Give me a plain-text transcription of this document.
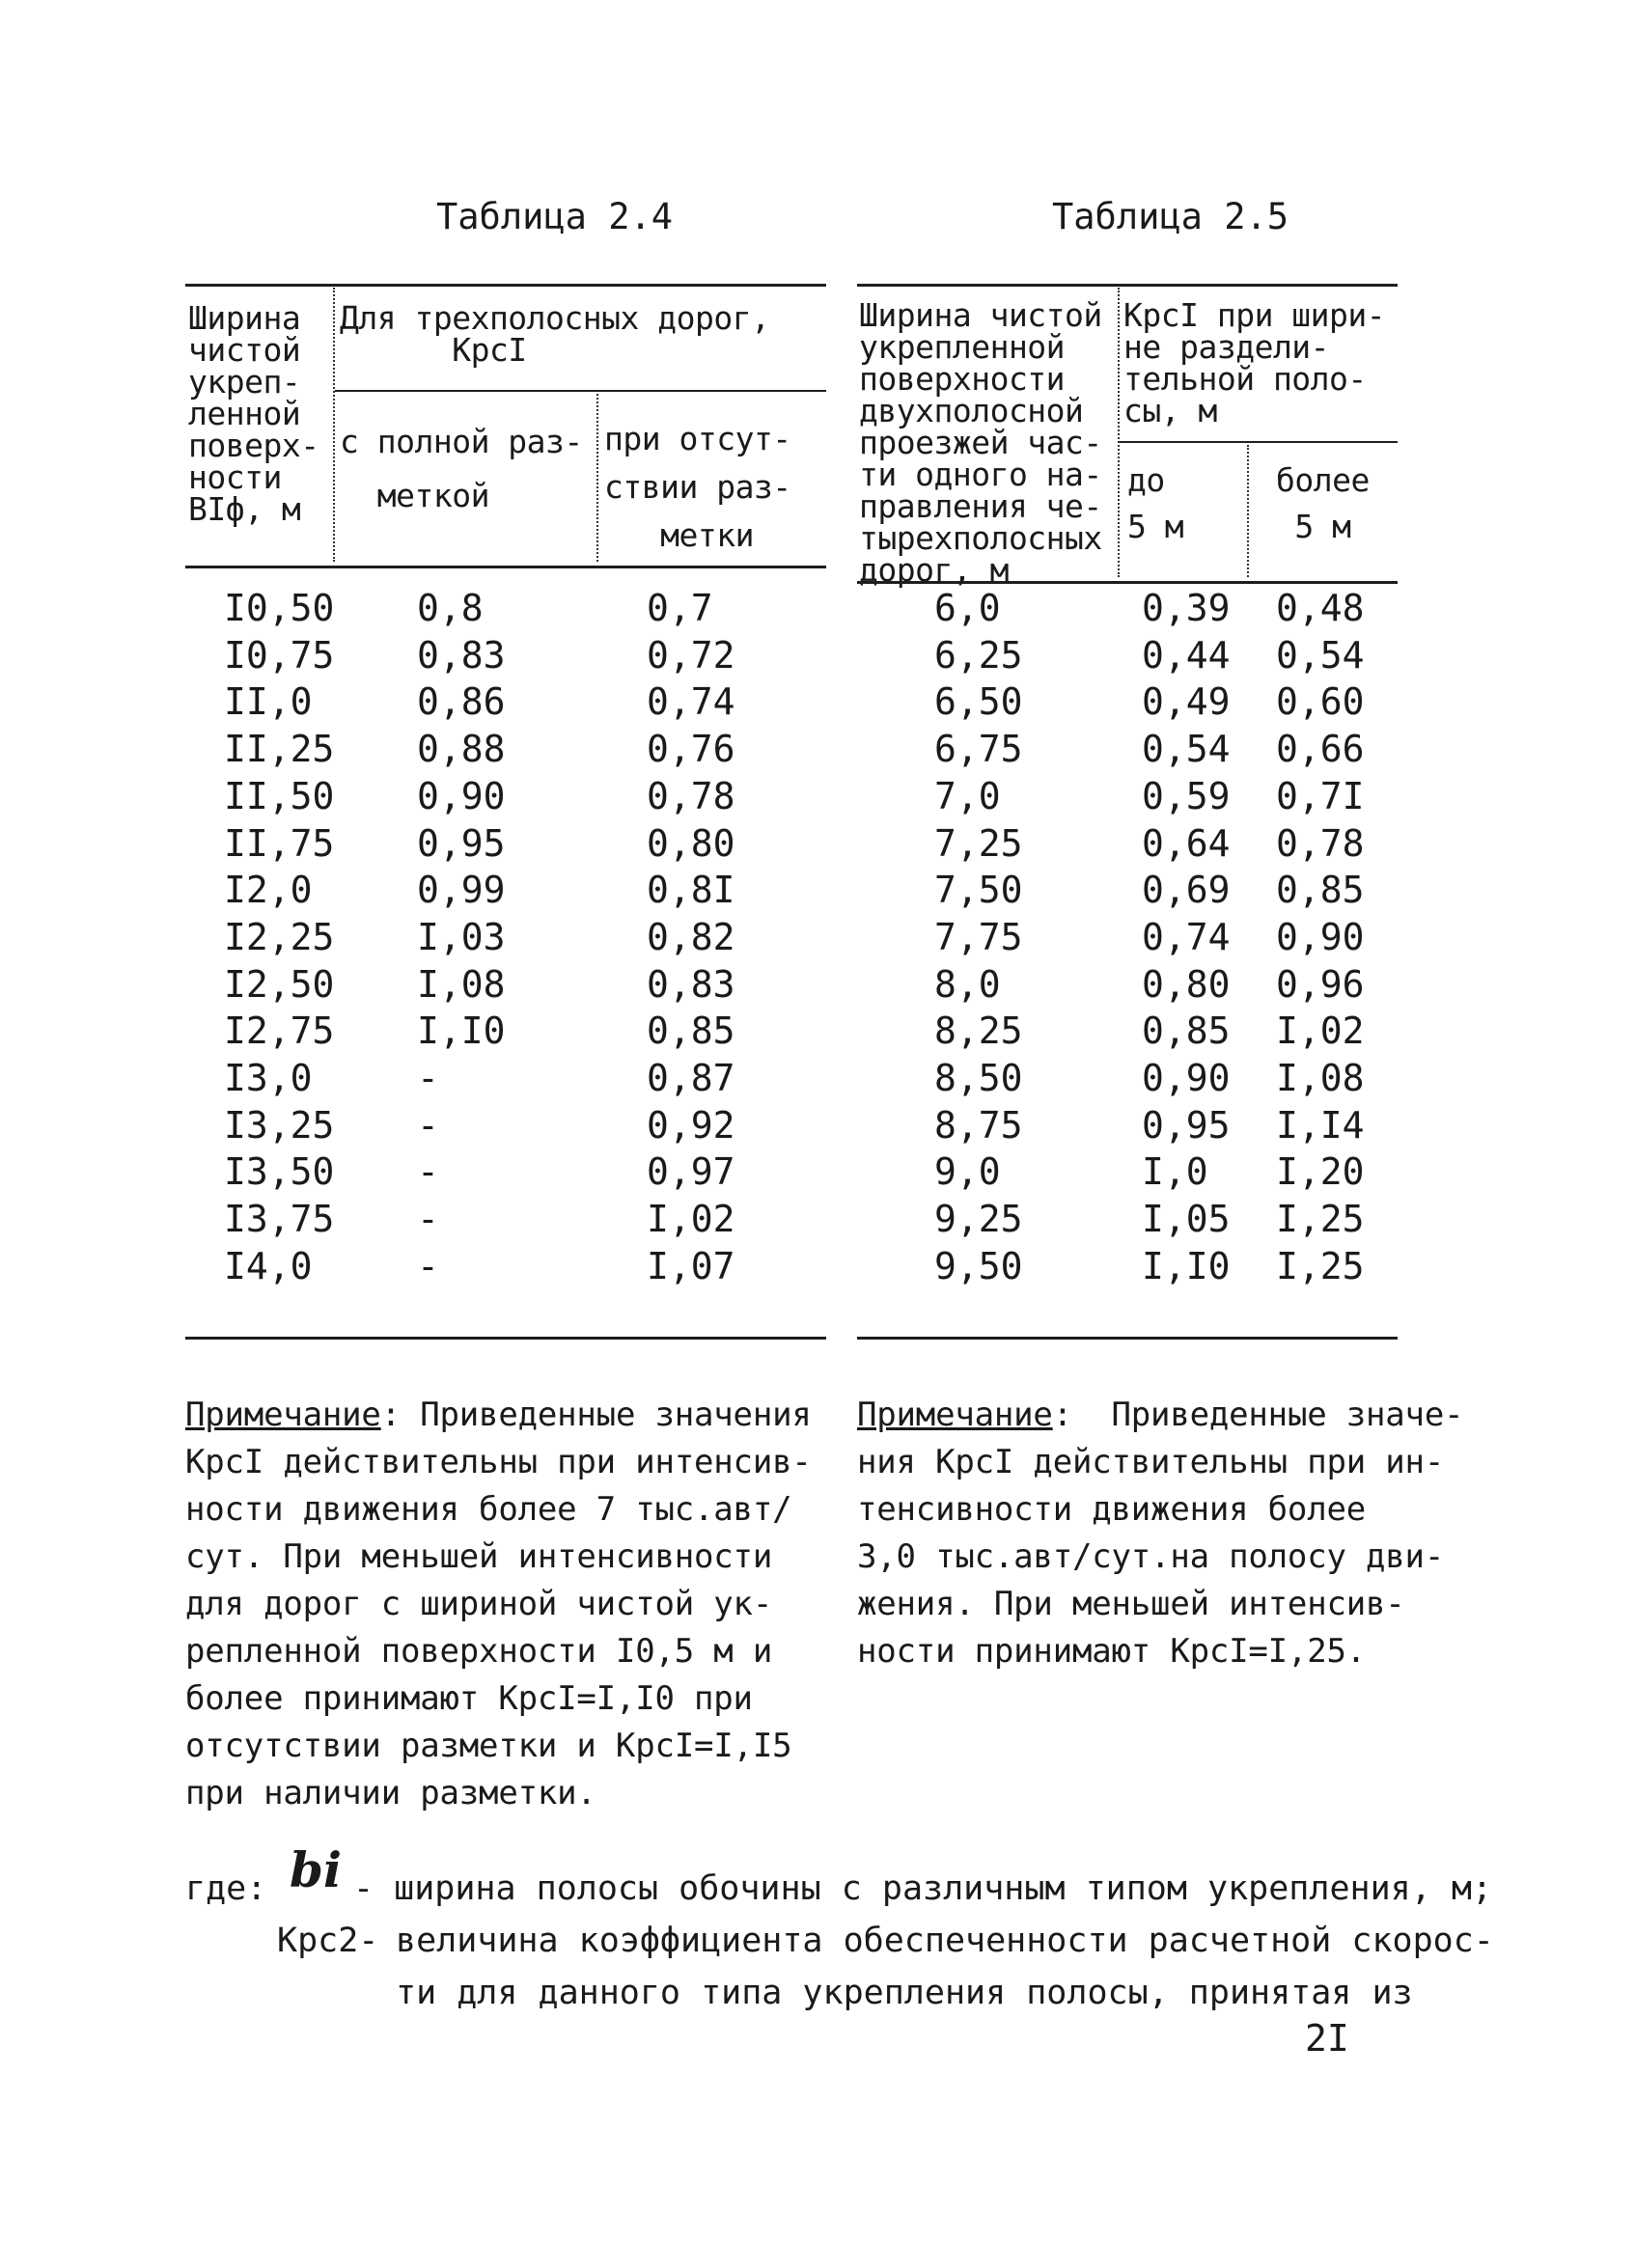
Таблица 2.4
Ширина
чистой
укреп-
ленной
поверх-
ности
BIф, м
Для трехполосных дорог,
КрсI
с полной раз-
меткой
при отсут-
ствии раз-
метки
I0,50 0,8	0,7
I0,75 0,83	0,72
II,0	0,86	0,74
II,25 0,88	0,76
II,50 0,90	0,78
II,75 0,95	0,80
I2,0	0,99	0,8I
I2,25 I,03	0,82
I2,50 I,08	0,83
I2,75 I,I0	0,85
I3,0	-	0,87
I3,25 -	0,92
I3,50 -	0,97
I3,75 -	I,02
I4,0	-	I,07
Примечание: Приведенные значения
КрсI действительны при интенсив-
ности движения более 7 тыс.авт/
сут. При меньшей интенсивности
для дорог с шириной чистой ук-
репленной поверхности I0,5 м и
более принимают КрсI=I,I0 при
отсутствии разметки и КрсI=I,I5
при наличии разметки.
Таблица 2.5
Ширина чистой
укрепленной
поверхности
двухполосной
проезжей час-
ти одного на-
правления че-
тырехполосных
дорог, м
КрсI при шири-
не раздели-
тельной поло-
сы, м
до
5 м
более
5 м
6,0	0,39 0,48
6,25	0,44 0,54
6,50	0,49 0,60
6,75	0,54 0,66
7,0	0,59 0,7I
7,25	0,64 0,78
7,50	0,69 0,85
7,75	0,74 0,90
8,0	0,80 0,96
8,25	0,85 I,02
8,50	0,90 I,08
8,75	0,95 I,I4
9,0	I,0 I,20
9,25	I,05 I,25
9,50	I,I0 I,25
Примечание:  Приведенные значе-
ния КрсI действительны при ин-
тенсивности движения более
3,0 тыс.авт/сут.на полосу дви-
жения. При меньшей интенсив-
ности принимают КрсI=I,25.
где: bi - ширина полосы обочины с различным типом укрепления, м;
Крс2- величина коэффициента обеспеченности расчетной скорос-
ти для данного типа укрепления полосы, принятая из
2I
